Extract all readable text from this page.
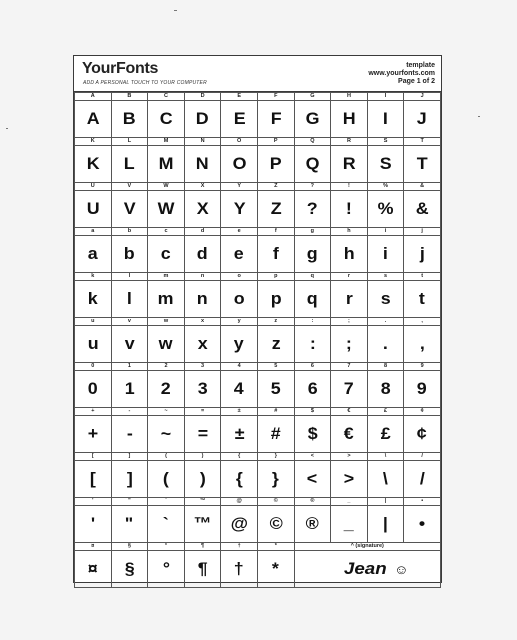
YourFonts
ADD A PERSONAL TOUCH TO YOUR COMPUTER
template
www.yourfonts.com
Page 1 of 2
A	B	C	D	E	F	G	H	I	J
A	B	C	D	E	F	G	H	I	J
K	L	M	N	O	P	Q	R	S	T
K	L	M	N	O	P	Q	R	S	T
U	V	W	X	Y	Z	?	!	%	&
U	V	W	X	Y	Z	?	!	%	&
a	b	c	d	e	f	g	h	i	j
a	b	c	d	e	f	g	h	i	j
k	l	m	n	o	p	q	r	s	t
k	l	m	n	o	p	q	r	s	t
u	v	w	x	y	z	:	;	.	,
u	v	w	x	y	z	:	;	.	,
0	1	2	3	4	5	6	7	8	9
0	1	2	3	4	5	6	7	8	9
+	-	~	=	±	#	$	€	£	¢
+	-	~	=	±	#	$	€	£	¢
[	]	(	)	{	}	<	>	\	/
[	]	(	)	{	}	<	>	\	/
'	"	`	™	@	©	®	_	|	•
'	"	`	™	@	©	®	_	|	•
¤	§	°	¶	†	*	^ (signature)			
¤	§	°	¶	†	*	Jean ☺			
